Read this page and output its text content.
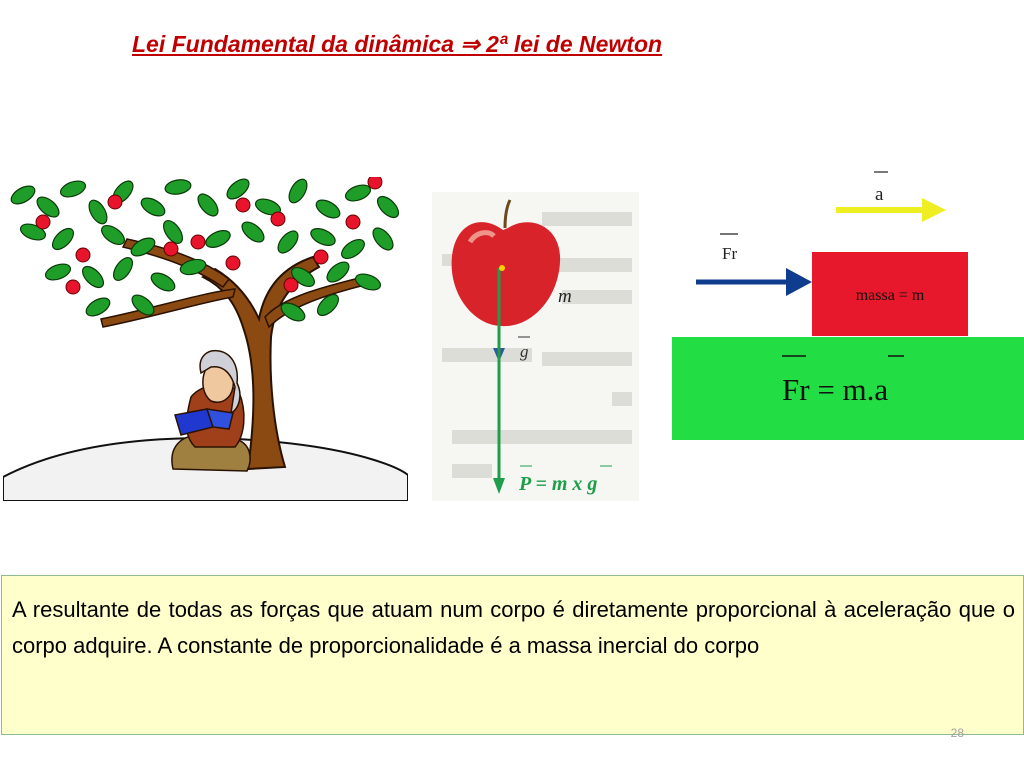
Lei Fundamental da dinâmica ⇒ 2ª lei de Newton
m
g
P = m x g
a
Fr
massa = m
Fr = m.a

A resultante de todas as forças que atuam num corpo é diretamente proporcional à aceleração que o corpo adquire. A constante de proporcionalidade é a massa inercial do corpo

28
